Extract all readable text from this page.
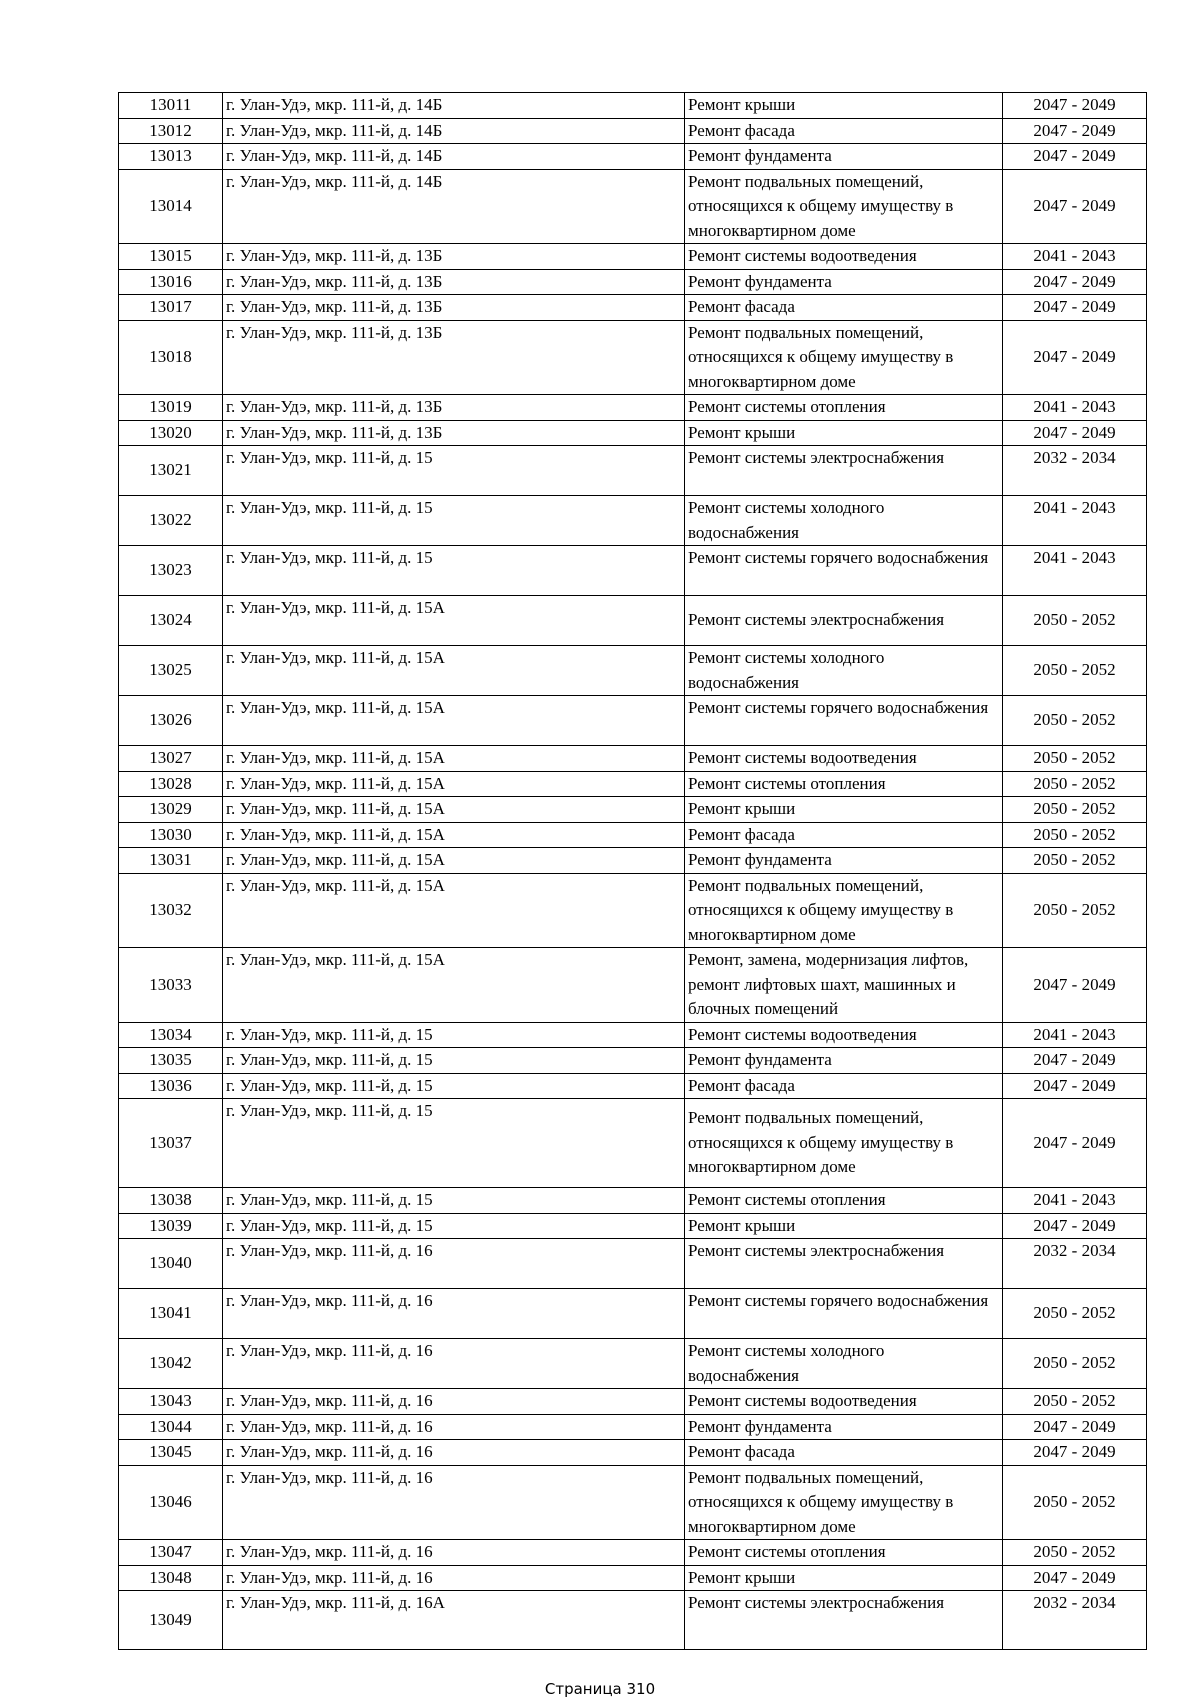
13011	г. Улан-Удэ, мкр. 111-й, д. 14Б	Ремонт крыши	2047 - 2049
13012	г. Улан-Удэ, мкр. 111-й, д. 14Б	Ремонт фасада	2047 - 2049
13013	г. Улан-Удэ, мкр. 111-й, д. 14Б	Ремонт фундамента	2047 - 2049
13014	г. Улан-Удэ, мкр. 111-й, д. 14Б	Ремонт подвальных помещений, относящихся к общему имуществу в многоквартирном доме	2047 - 2049
13015	г. Улан-Удэ, мкр. 111-й, д. 13Б	Ремонт системы водоотведения	2041 - 2043
13016	г. Улан-Удэ, мкр. 111-й, д. 13Б	Ремонт фундамента	2047 - 2049
13017	г. Улан-Удэ, мкр. 111-й, д. 13Б	Ремонт фасада	2047 - 2049
13018	г. Улан-Удэ, мкр. 111-й, д. 13Б	Ремонт подвальных помещений, относящихся к общему имуществу в многоквартирном доме	2047 - 2049
13019	г. Улан-Удэ, мкр. 111-й, д. 13Б	Ремонт системы отопления	2041 - 2043
13020	г. Улан-Удэ, мкр. 111-й, д. 13Б	Ремонт крыши	2047 - 2049
13021	г. Улан-Удэ, мкр. 111-й, д. 15	Ремонт системы электроснабжения	2032 - 2034
13022	г. Улан-Удэ, мкр. 111-й, д. 15	Ремонт системы холодного водоснабжения	2041 - 2043
13023	г. Улан-Удэ, мкр. 111-й, д. 15	Ремонт системы горячего водоснабжения	2041 - 2043
13024	г. Улан-Удэ, мкр. 111-й, д. 15А	Ремонт системы электроснабжения	2050 - 2052
13025	г. Улан-Удэ, мкр. 111-й, д. 15А	Ремонт системы холодного водоснабжения	2050 - 2052
13026	г. Улан-Удэ, мкр. 111-й, д. 15А	Ремонт системы горячего водоснабжения	2050 - 2052
13027	г. Улан-Удэ, мкр. 111-й, д. 15А	Ремонт системы водоотведения	2050 - 2052
13028	г. Улан-Удэ, мкр. 111-й, д. 15А	Ремонт системы отопления	2050 - 2052
13029	г. Улан-Удэ, мкр. 111-й, д. 15А	Ремонт крыши	2050 - 2052
13030	г. Улан-Удэ, мкр. 111-й, д. 15А	Ремонт фасада	2050 - 2052
13031	г. Улан-Удэ, мкр. 111-й, д. 15А	Ремонт фундамента	2050 - 2052
13032	г. Улан-Удэ, мкр. 111-й, д. 15А	Ремонт подвальных помещений, относящихся к общему имуществу в многоквартирном доме	2050 - 2052
13033	г. Улан-Удэ, мкр. 111-й, д. 15А	Ремонт, замена, модернизация лифтов, ремонт лифтовых шахт, машинных и блочных помещений	2047 - 2049
13034	г. Улан-Удэ, мкр. 111-й, д. 15	Ремонт системы водоотведения	2041 - 2043
13035	г. Улан-Удэ, мкр. 111-й, д. 15	Ремонт фундамента	2047 - 2049
13036	г. Улан-Удэ, мкр. 111-й, д. 15	Ремонт фасада	2047 - 2049
13037	г. Улан-Удэ, мкр. 111-й, д. 15	Ремонт подвальных помещений, относящихся к общему имуществу в многоквартирном доме	2047 - 2049
13038	г. Улан-Удэ, мкр. 111-й, д. 15	Ремонт системы отопления	2041 - 2043
13039	г. Улан-Удэ, мкр. 111-й, д. 15	Ремонт крыши	2047 - 2049
13040	г. Улан-Удэ, мкр. 111-й, д. 16	Ремонт системы электроснабжения	2032 - 2034
13041	г. Улан-Удэ, мкр. 111-й, д. 16	Ремонт системы горячего водоснабжения	2050 - 2052
13042	г. Улан-Удэ, мкр. 111-й, д. 16	Ремонт системы холодного водоснабжения	2050 - 2052
13043	г. Улан-Удэ, мкр. 111-й, д. 16	Ремонт системы водоотведения	2050 - 2052
13044	г. Улан-Удэ, мкр. 111-й, д. 16	Ремонт фундамента	2047 - 2049
13045	г. Улан-Удэ, мкр. 111-й, д. 16	Ремонт фасада	2047 - 2049
13046	г. Улан-Удэ, мкр. 111-й, д. 16	Ремонт подвальных помещений, относящихся к общему имуществу в многоквартирном доме	2050 - 2052
13047	г. Улан-Удэ, мкр. 111-й, д. 16	Ремонт системы отопления	2050 - 2052
13048	г. Улан-Удэ, мкр. 111-й, д. 16	Ремонт крыши	2047 - 2049
13049	г. Улан-Удэ, мкр. 111-й, д. 16А	Ремонт системы электроснабжения	2032 - 2034
Страница 310
